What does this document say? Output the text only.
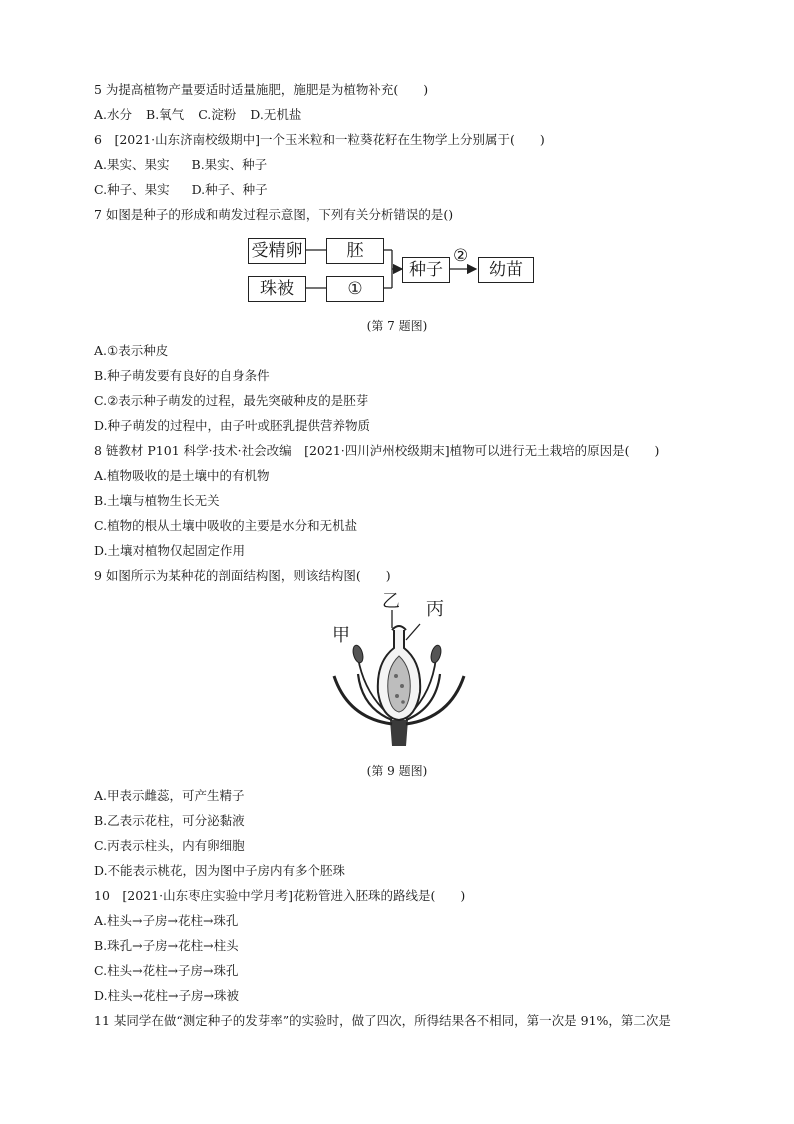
5 为提高植物产量要适时适量施肥，施肥是为植物补充(　　)
A.水分 B.氧气 C.淀粉 D.无机盐
6　[2021·山东济南校级期中]一个玉米粒和一粒葵花籽在生物学上分别属于(　　)
A.果实、果实 B.果实、种子
C.种子、果实 D.种子、种子
7 如图是种子的形成和萌发过程示意图，下列有关分析错误的是()
受精卵	胚
珠被	①
种子
②
幼苗
(第 7 题图)
A.①表示种皮
B.种子萌发要有良好的自身条件
C.②表示种子萌发的过程，最先突破种皮的是胚芽
D.种子萌发的过程中，由子叶或胚乳提供营养物质
8 链教材 P101 科学·技术·社会改编　[2021·四川泸州校级期末]植物可以进行无土栽培的原因是(　　)
A.植物吸收的是土壤中的有机物
B.土壤与植物生长无关
C.植物的根从土壤中吸收的主要是水分和无机盐
D.土壤对植物仅起固定作用
9 如图所示为某种花的剖面结构图，则该结构图(　　)
甲
乙 丙
(第 9 题图)
A.甲表示雌蕊，可产生精子
B.乙表示花柱，可分泌黏液
C.丙表示柱头，内有卵细胞
D.不能表示桃花，因为图中子房内有多个胚珠
10　[2021·山东枣庄实验中学月考]花粉管进入胚珠的路线是(　　)
A.柱头→子房→花柱→珠孔
B.珠孔→子房→花柱→柱头
C.柱头→花柱→子房→珠孔
D.柱头→花柱→子房→珠被
11 某同学在做“测定种子的发芽率”的实验时，做了四次，所得结果各不相同，第一次是 91%，第二次是
